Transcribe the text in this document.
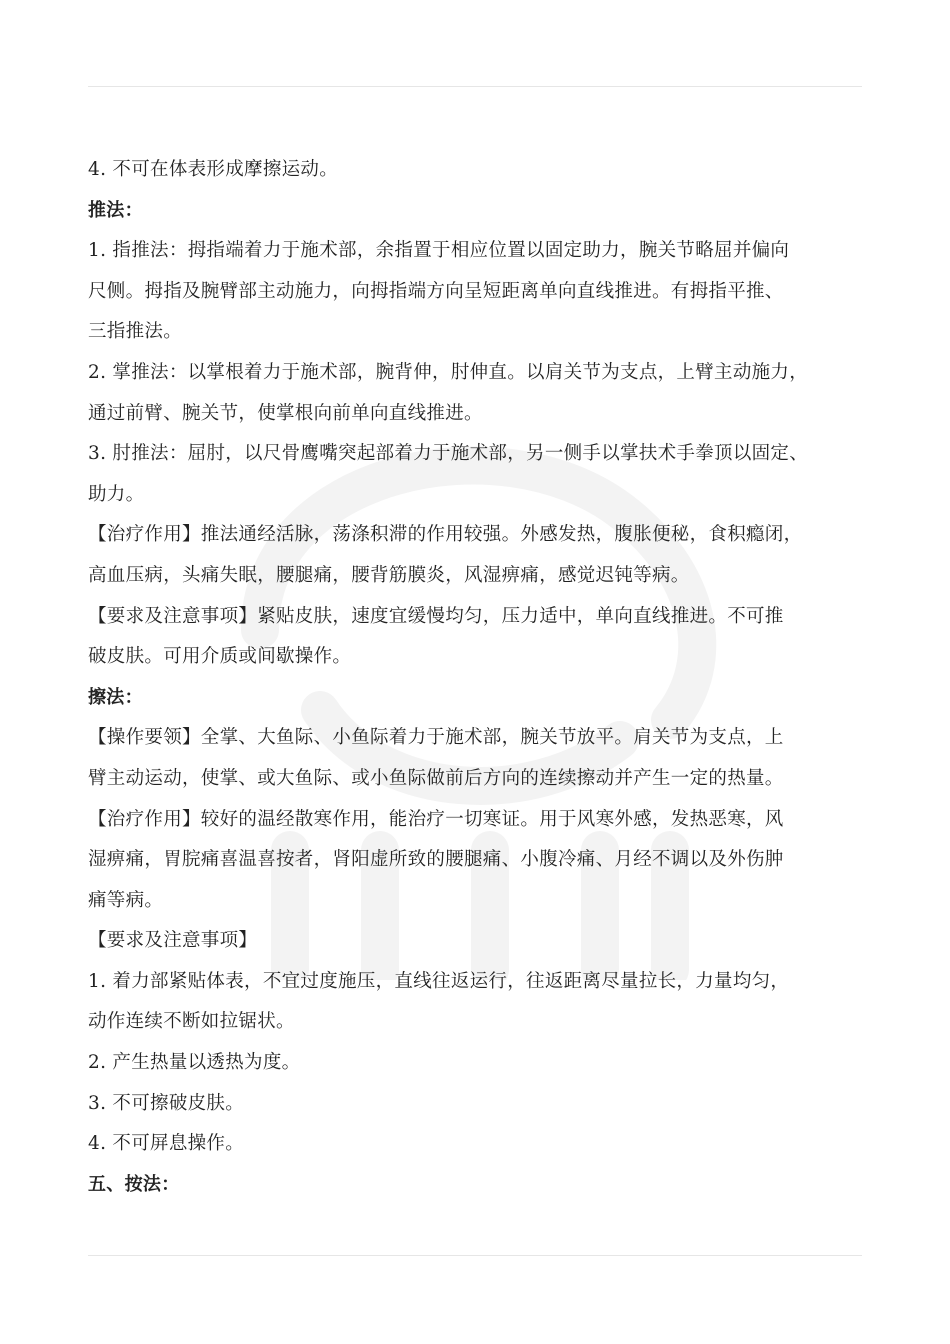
4. 不可在体表形成摩擦运动。
推法：
1. 指推法：拇指端着力于施术部，余指置于相应位置以固定助力，腕关节略屈并偏向
尺侧。拇指及腕臂部主动施力，向拇指端方向呈短距离单向直线推进。有拇指平推、
三指推法。
2. 掌推法：以掌根着力于施术部，腕背伸，肘伸直。以肩关节为支点，上臂主动施力，
通过前臂、腕关节，使掌根向前单向直线推进。
3. 肘推法：屈肘，以尺骨鹰嘴突起部着力于施术部，另一侧手以掌扶术手拳顶以固定、
助力。
【治疗作用】推法通经活脉，荡涤积滞的作用较强。外感发热，腹胀便秘，食积瘾闭，
高血压病，头痛失眠，腰腿痛，腰背筋膜炎，风湿痹痛，感觉迟钝等病。
【要求及注意事项】紧贴皮肤，速度宜缓慢均匀，压力适中，单向直线推进。不可推
破皮肤。可用介质或间歇操作。
擦法：
【操作要领】全掌、大鱼际、小鱼际着力于施术部，腕关节放平。肩关节为支点，上
臂主动运动，使掌、或大鱼际、或小鱼际做前后方向的连续擦动并产生一定的热量。
【治疗作用】较好的温经散寒作用，能治疗一切寒证。用于风寒外感，发热恶寒，风
湿痹痛，胃脘痛喜温喜按者，肾阳虚所致的腰腿痛、小腹冷痛、月经不调以及外伤肿
痛等病。
【要求及注意事项】
1. 着力部紧贴体表，不宜过度施压，直线往返运行，往返距离尽量拉长，力量均匀，
动作连续不断如拉锯状。
2. 产生热量以透热为度。
3. 不可擦破皮肤。
4. 不可屏息操作。
五、按法：
